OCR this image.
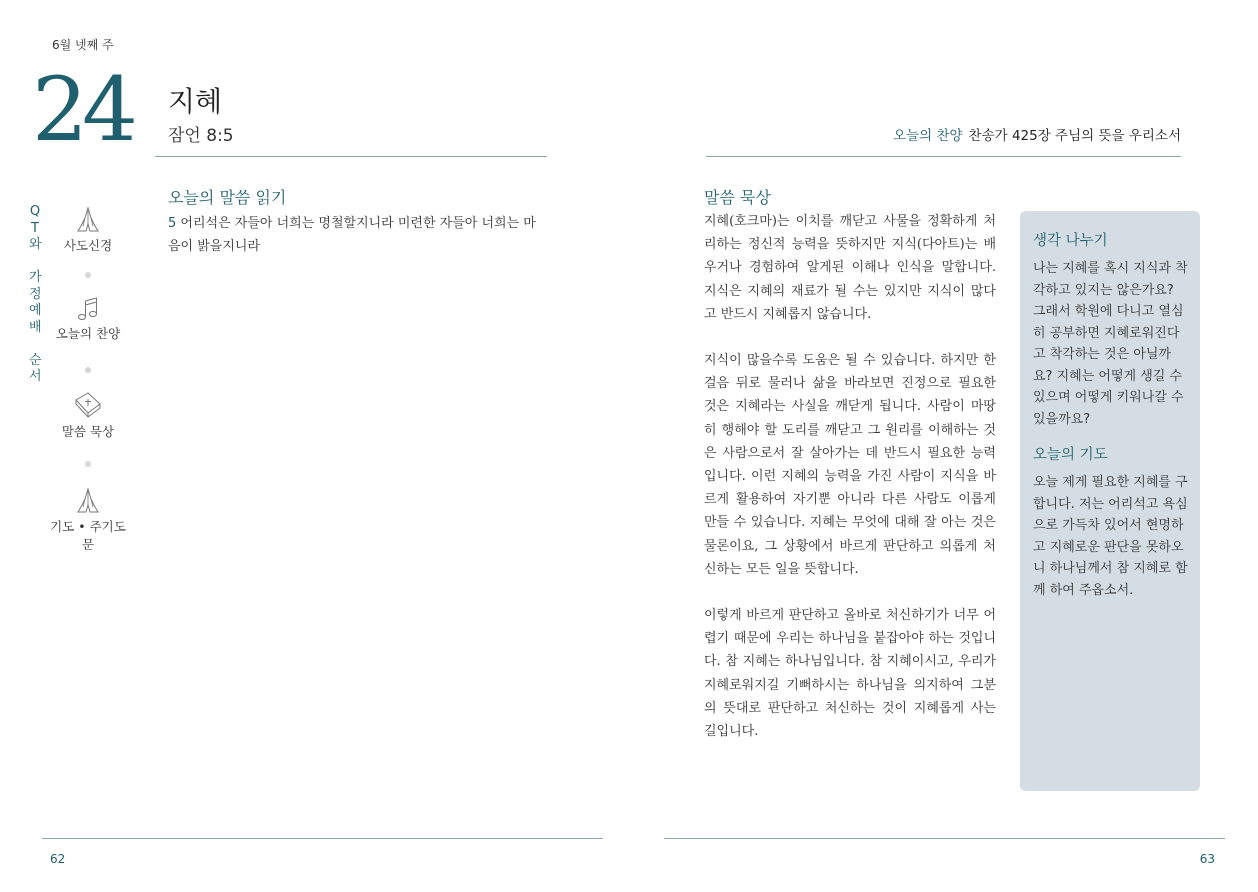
6월 넷째 주
24 지혜
잠언 8:5	오늘의 찬양 찬송가 425장 주님의 뜻을 우리소서
Q
T
와

가
정
예
배

순
서
사도신경
오늘의 찬양
말씀 묵상
기도 • 주기도문
오늘의 말씀 읽기
5 어리석은 자들아 너희는 명철할지니라 미련한 자들아 너희는 마음이 밝을지니라
말씀 묵상

지혜(호크마)는 이치를 깨닫고 사물을 정확하게 처리하는 정신적 능력을 뜻하지만 지식(다아트)는 배우거나 경험하여 알게된 이해나 인식을 말합니다. 지식은 지혜의 재료가 될 수는 있지만 지식이 많다고 반드시 지혜롭지 않습니다.

지식이 많을수록 도움은 될 수 있습니다. 하지만 한 걸음 뒤로 물러나 삶을 바라보면 진정으로 필요한 것은 지혜라는 사실을 깨닫게 됩니다. 사람이 마땅히 행해야 할 도리를 깨닫고 그 원리를 이해하는 것은 사람으로서 잘 살아가는 데 반드시 필요한 능력입니다. 이런 지혜의 능력을 가진 사람이 지식을 바르게 활용하여 자기뿐 아니라 다른 사람도 이롭게 만들 수 있습니다. 지혜는 무엇에 대해 잘 아는 것은 물론이요, 그 상황에서 바르게 판단하고 의롭게 처신하는 모든 일을 뜻합니다.

이렇게 바르게 판단하고 올바로 처신하기가 너무 어렵기 때문에 우리는 하나님을 붙잡아야 하는 것입니다. 참 지혜는 하나님입니다. 참 지혜이시고, 우리가 지혜로워지길 기뻐하시는 하나님을 의지하여 그분의 뜻대로 판단하고 처신하는 것이 지혜롭게 사는 길입니다.

생각 나누기
나는 지혜를 혹시 지식과 착각하고 있지는 않은가요? 그래서 학원에 다니고 열심히 공부하면 지혜로워진다고 착각하는 것은 아닐까요? 지혜는 어떻게 생길 수 있으며 어떻게 키워나갈 수 있을까요?
오늘의 기도
오늘 제게 필요한 지혜를 구합니다. 저는 어리석고 욕심으로 가득차 있어서 현명하고 지혜로운 판단을 못하오니 하나님께서 참 지혜로 함께 하여 주옵소서.
62	63
